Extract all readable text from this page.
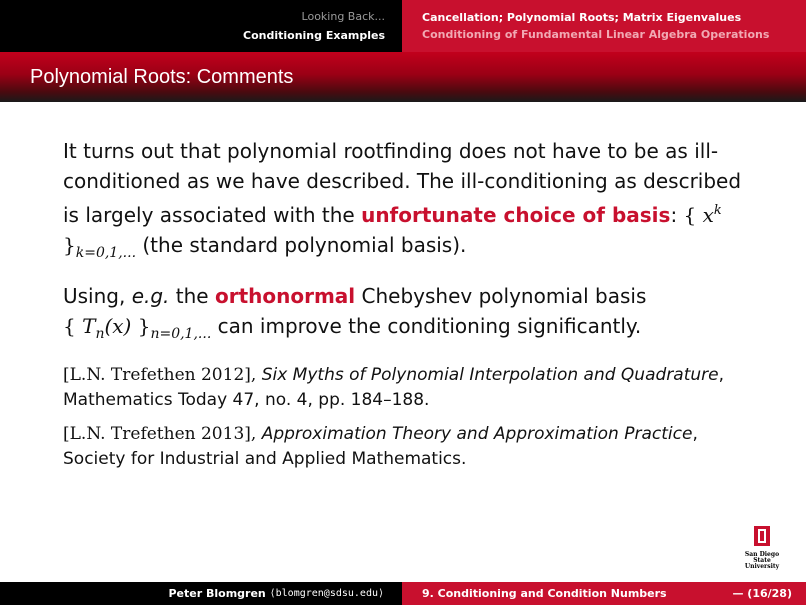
Looking Back...
Conditioning Examples
Cancellation; Polynomial Roots; Matrix Eigenvalues
Conditioning of Fundamental Linear Algebra Operations
Polynomial Roots: Comments

It turns out that polynomial rootfinding does not have to be as ill-conditioned as we have described. The ill-conditioning as described is largely associated with the unfortunate choice of basis: { $x^k$ }$_{k=0,1,...}$ (the standard polynomial basis).

Using, e.g. the orthonormal Chebyshev polynomial basis
{ $T_n(x)$ }$_{n=0,1,...}$ can improve the conditioning significantly.

[L.N. Trefethen 2012], Six Myths of Polynomial Interpolation and Quadrature, Mathematics Today 47, no. 4, pp. 184–188.

[L.N. Trefethen 2013], Approximation Theory and Approximation Practice, Society for Industrial and Applied Mathematics.

San Diego State
University
Peter Blomgren
⟨blomgren@sdsu.edu⟩	9. Conditioning and Condition Numbers	— (16/28)
